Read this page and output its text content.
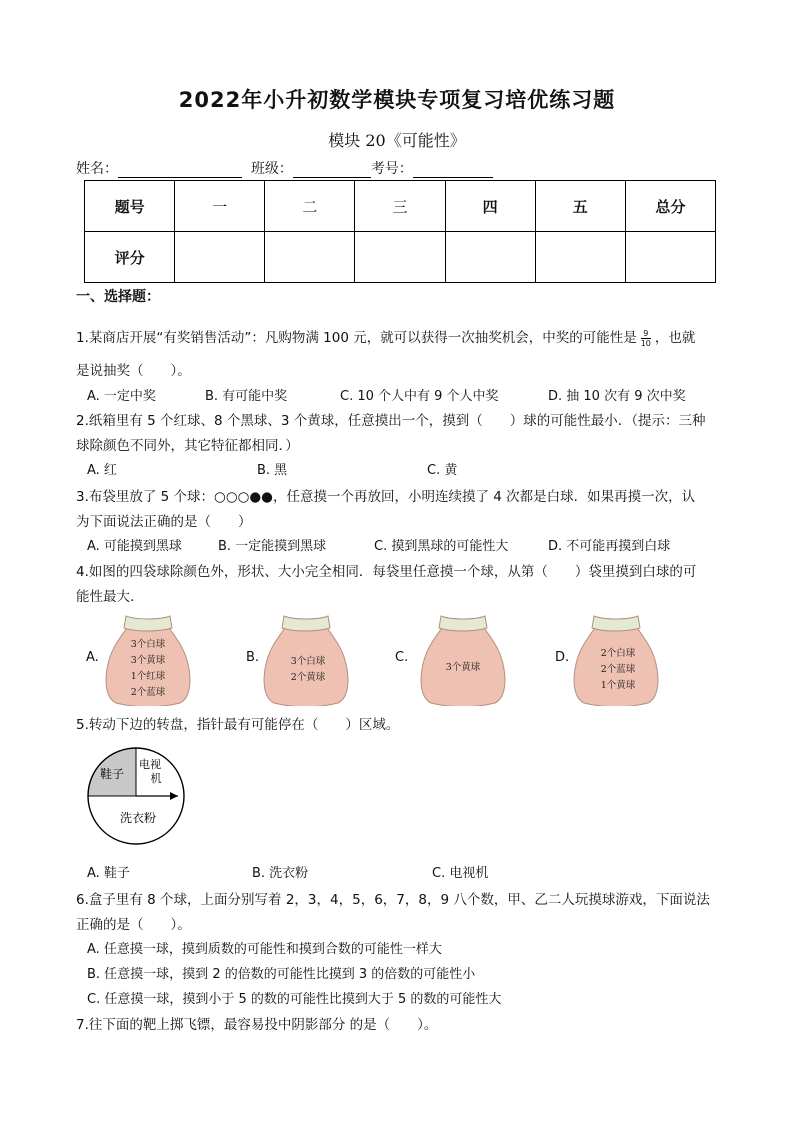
2022年小升初数学模块专项复习培优练习题
模块 20《可能性》
姓名：	班级：	考号：
题号	一	二	三	四	五	总分
评分						
一、选择题：
1.某商店开展“有奖销售活动”：凡购物满 100 元，就可以获得一次抽奖机会，中奖的可能性是 $\frac{9}{10}$ ，也就
是说抽奖（　　）。
A. 一定中奖	B. 有可能中奖	C. 10 个人中有 9 个人中奖	D. 抽 10 次有 9 次中奖
2.纸箱里有 5 个红球、8 个黑球、3 个黄球，任意摸出一个，摸到（　　）球的可能性最小．（提示：三种
球除颜色不同外，其它特征都相同．）
A. 红	B. 黑	C. 黄
3.布袋里放了 5 个球：○○○●●，任意摸一个再放回，小明连续摸了 4 次都是白球．如果再摸一次，认
为下面说法正确的是（　　）
A. 可能摸到黑球	B. 一定能摸到黑球	C. 摸到黑球的可能性大	D. 不可能再摸到白球
4.如图的四袋球除颜色外，形状、大小完全相同．每袋里任意摸一个球，从第（　　）袋里摸到白球的可
能性最大．
A.
3个白球
3个黄球
1个红球
2个蓝球
B.	3个白球
2个黄球
C.
3个黄球
D.	2个白球
2个蓝球
1个黄球
5.转动下边的转盘，指针最有可能停在（　　）区域。
鞋子
电视
机
洗衣粉
A. 鞋子	B. 洗衣粉	C. 电视机
6.盒子里有 8 个球，上面分别写着 2，3，4，5，6，7，8，9 八个数，甲、乙二人玩摸球游戏，下面说法
正确的是（　　）。
A. 任意摸一球，摸到质数的可能性和摸到合数的可能性一样大
B. 任意摸一球，摸到 2 的倍数的可能性比摸到 3 的倍数的可能性小
C. 任意摸一球，摸到小于 5 的数的可能性比摸到大于 5 的数的可能性大
7.往下面的靶上掷飞镖，最容易投中阴影部分 的是（　　）。
